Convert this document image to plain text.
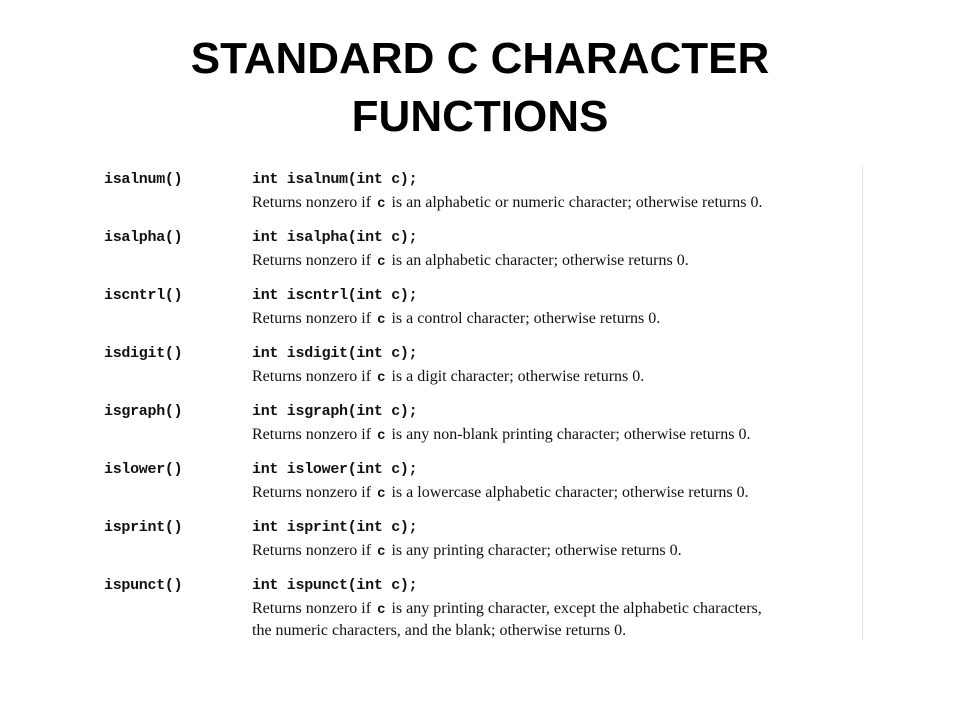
STANDARD C CHARACTER
FUNCTIONS
isalnum()	int isalnum(int c);
Returns nonzero if c is an alphabetic or numeric character; otherwise returns 0.
isalpha()	int isalpha(int c);
Returns nonzero if c is an alphabetic character; otherwise returns 0.
iscntrl()	int iscntrl(int c);
Returns nonzero if c is a control character; otherwise returns 0.
isdigit()	int isdigit(int c);
Returns nonzero if c is a digit character; otherwise returns 0.
isgraph()	int isgraph(int c);
Returns nonzero if c is any non-blank printing character; otherwise returns 0.
islower()	int islower(int c);
Returns nonzero if c is a lowercase alphabetic character; otherwise returns 0.
isprint()	int isprint(int c);
Returns nonzero if c is any printing character; otherwise returns 0.
ispunct()	int ispunct(int c);
Returns nonzero if c is any printing character, except the alphabetic characters,
the numeric characters, and the blank; otherwise returns 0.
